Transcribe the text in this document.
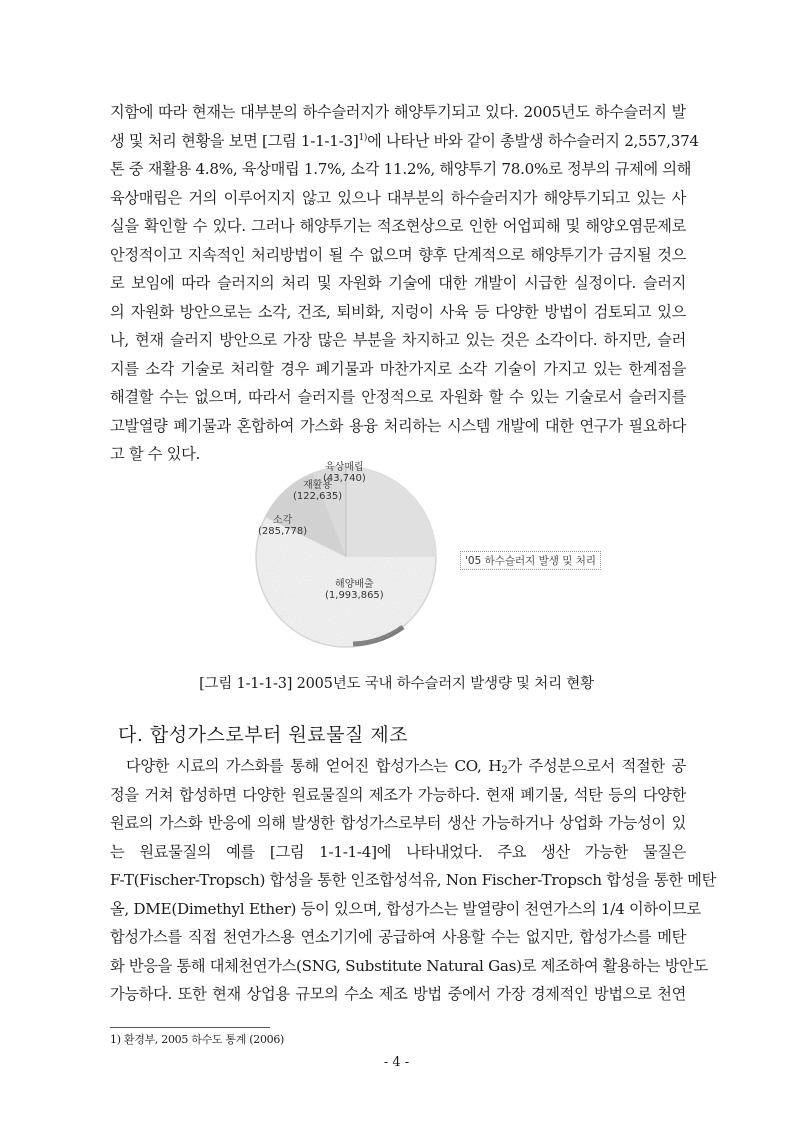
지함에 따라 현재는 대부분의 하수슬러지가 해양투기되고 있다. 2005년도 하수슬러지 발
생 및 처리 현황을 보면 [그림 1-1-1-3]$^{1)}$에 나타난 바와 같이 총발생 하수슬러지 2,557,374
톤 중 재활용 4.8%, 육상매립 1.7%, 소각 11.2%, 해양투기 78.0%로 정부의 규제에 의해
육상매립은 거의 이루어지지 않고 있으나 대부분의 하수슬러지가 해양투기되고 있는 사
실을 확인할 수 있다. 그러나 해양투기는 적조현상으로 인한 어업피해 및 해양오염문제로
안정적이고 지속적인 처리방법이 될 수 없으며 향후 단계적으로 해양투기가 금지될 것으
로 보임에 따라 슬러지의 처리 및 자원화 기술에 대한 개발이 시급한 실정이다. 슬러지
의 자원화 방안으로는 소각, 건조, 퇴비화, 지렁이 사육 등 다양한 방법이 검토되고 있으
나, 현재 슬러지 방안으로 가장 많은 부분을 차지하고 있는 것은 소각이다. 하지만, 슬러
지를 소각 기술로 처리할 경우 폐기물과 마찬가지로 소각 기술이 가지고 있는 한계점을
해결할 수는 없으며, 따라서 슬러지를 안정적으로 자원화 할 수 있는 기술로서 슬러지를
고발열량 폐기물과 혼합하여 가스화 용융 처리하는 시스템 개발에 대한 연구가 필요하다
고 할 수 있다.
육상매립
(43,740)
재활용
(122,635)
소각
(285,778)
해양배출
(1,993,865)
'05 하수슬러지 발생 및 처리
[그림 1-1-1-3] 2005년도 국내 하수슬러지 발생량 및 처리 현황
다. 합성가스로부터 원료물질 제조
다양한 시료의 가스화를 통해 얻어진 합성가스는 CO, $H_2$가 주성분으로서 적절한 공
정을 거쳐 합성하면 다양한 원료물질의 제조가 가능하다. 현재 폐기물, 석탄 등의 다양한
원료의 가스화 반응에 의해 발생한 합성가스로부터 생산 가능하거나 상업화 가능성이 있
는 원료물질의 예를 [그림 1-1-1-4]에 나타내었다. 주요 생산 가능한 물질은
F-T(Fischer-Tropsch) 합성을 통한 인조합성석유, Non Fischer-Tropsch 합성을 통한 메탄
올, DME(Dimethyl Ether) 등이 있으며, 합성가스는 발열량이 천연가스의 1/4 이하이므로
합성가스를 직접 천연가스용 연소기기에 공급하여 사용할 수는 없지만, 합성가스를 메탄
화 반응을 통해 대체천연가스(SNG, Substitute Natural Gas)로 제조하여 활용하는 방안도
가능하다. 또한 현재 상업용 규모의 수소 제조 방법 중에서 가장 경제적인 방법으로 천연
1) 환경부, 2005 하수도 통계 (2006)
- 4 -
